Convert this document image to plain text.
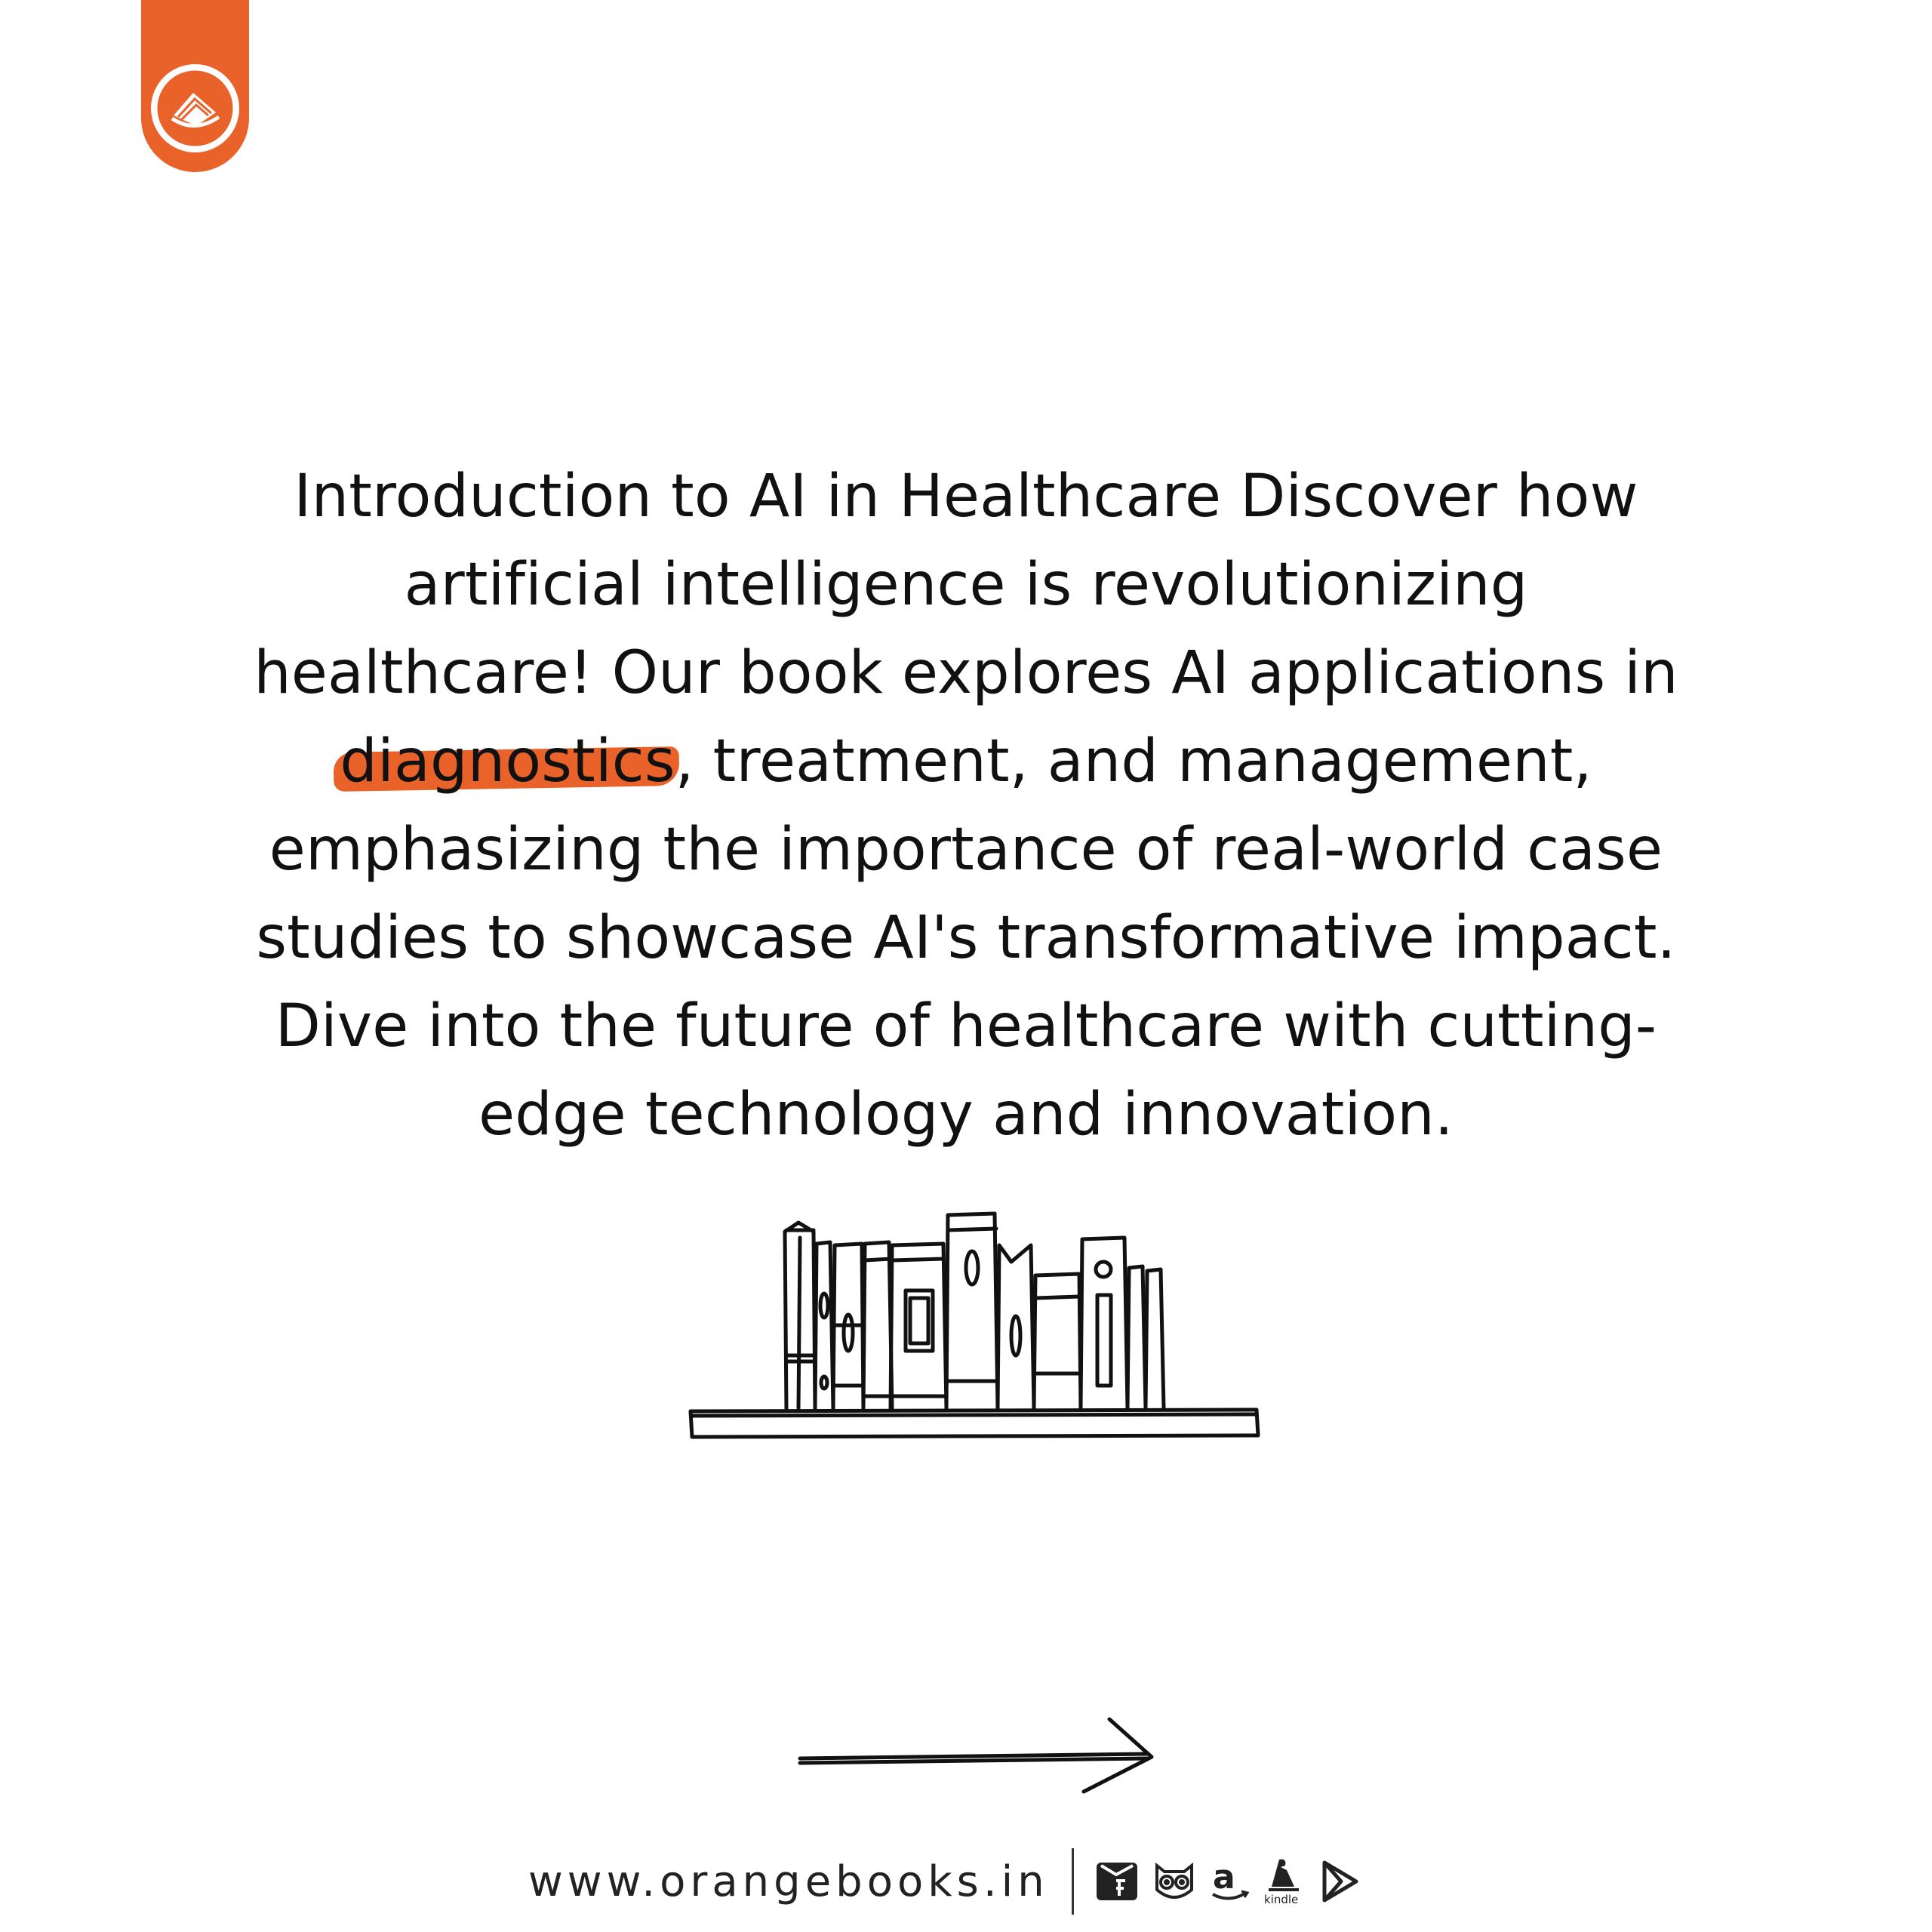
Introduction to AI in Healthcare Discover how
artificial intelligence is revolutionizing
healthcare! Our book explores AI applications in
diagnostics, treatment, and management,
emphasizing the importance of real-world case
studies to showcase AI's transformative impact.
Dive into the future of healthcare with cutting-
edge technology and innovation.
www.orangebooks.in	a
kindle
